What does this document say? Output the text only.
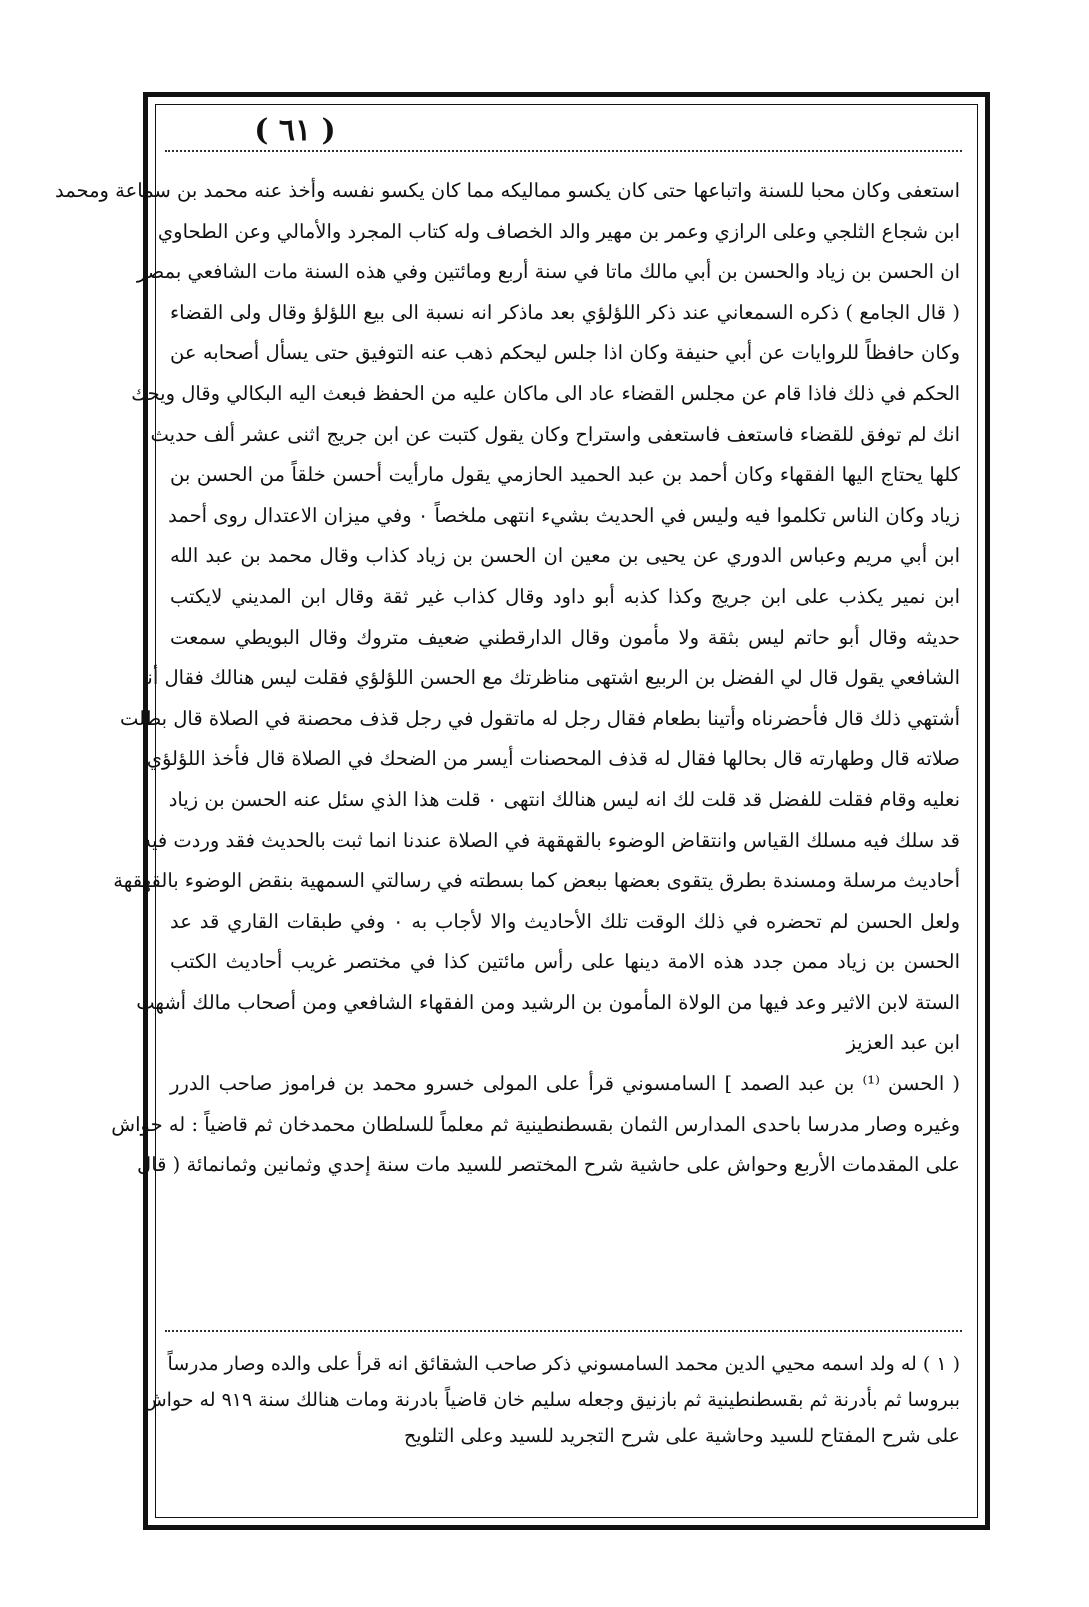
( ٦١ )
استعفى وكان محبا للسنة واتباعها حتى كان يكسو مماليكه مما كان يكسو نفسه وأخذ عنه محمد بن سماعة ومحمد
ابن شجاع الثلجي وعلى الرازي وعمر بن مهير والد الخصاف وله كتاب المجرد والأمالي وعن الطحاوي
ان الحسن بن زياد والحسن بن أبي مالك ماتا في سنة أربع ومائتين وفي هذه السنة مات الشافعي بمصر
( قال الجامع ) ذكره السمعاني عند ذكر اللؤلؤي بعد ماذكر انه نسبة الى بيع اللؤلؤ وقال ولى القضاء
وكان حافظاً للروايات عن أبي حنيفة وكان اذا جلس ليحكم ذهب عنه التوفيق حتى يسأل أصحابه عن
الحكم في ذلك فاذا قام عن مجلس القضاء عاد الى ماكان عليه من الحفظ فبعث اليه البكالي وقال ويحك
انك لم توفق للقضاء فاستعف فاستعفى واستراح وكان يقول كتبت عن ابن جريج اثنى عشر ألف حديث
كلها يحتاج اليها الفقهاء وكان أحمد بن عبد الحميد الحازمي يقول مارأيت أحسن خلقاً من الحسن بن
زياد وكان الناس تكلموا فيه وليس في الحديث بشيء انتهى ملخصاً ٠ وفي ميزان الاعتدال روى أحمد
ابن أبي مريم وعباس الدوري عن يحيى بن معين ان الحسن بن زياد كذاب وقال محمد بن عبد الله
ابن نمير يكذب على ابن جريج وكذا كذبه أبو داود وقال كذاب غير ثقة وقال ابن المديني لايكتب
حديثه وقال أبو حاتم ليس بثقة ولا مأمون وقال الدارقطني ضعيف متروك وقال البويطي سمعت
الشافعي يقول قال لي الفضل بن الربيع اشتهى مناظرتك مع الحسن اللؤلؤي فقلت ليس هنالك فقال أنا
أشتهي ذلك قال فأحضرناه وأتينا بطعام فقال رجل له ماتقول في رجل قذف محصنة في الصلاة قال بطلت
صلاته قال وطهارته قال بحالها فقال له قذف المحصنات أيسر من الضحك في الصلاة قال فأخذ اللؤلؤي
نعليه وقام فقلت للفضل قد قلت لك انه ليس هنالك انتهى ٠ قلت هذا الذي سئل عنه الحسن بن زياد
قد سلك فيه مسلك القياس وانتقاض الوضوء بالقهقهة في الصلاة عندنا انما ثبت بالحديث فقد وردت فيه
أحاديث مرسلة ومسندة بطرق يتقوى بعضها ببعض كما بسطته في رسالتي السمهية بنقض الوضوء بالقهقهة
ولعل الحسن لم تحضره في ذلك الوقت تلك الأحاديث والا لأجاب به ٠ وفي طبقات القاري قد عد
الحسن بن زياد ممن جدد هذه الامة دينها على رأس مائتين كذا في مختصر غريب أحاديث الكتب
الستة لابن الاثير وعد فيها من الولاة المأمون بن الرشيد ومن الفقهاء الشافعي ومن أصحاب مالك أشهب
ابن عبد العزيز
( الحسن ⁽¹⁾ بن عبد الصمد ] السامسوني قرأ على المولى خسرو محمد بن فراموز صاحب الدرر
وغيره وصار مدرسا باحدى المدارس الثمان بقسطنطينية ثم معلماً للسلطان محمدخان ثم قاضياً : له حواش
على المقدمات الأربع وحواش على حاشية شرح المختصر للسيد مات سنة إحدي وثمانين وثمانمائة ( قال
( ١ ) له ولد اسمه محيي الدين محمد السامسوني ذكر صاحب الشقائق انه قرأ على والده وصار مدرساً
ببروسا ثم بأدرنة ثم بقسطنطينية ثم بازنيق وجعله سليم خان قاضياً بادرنة ومات هنالك سنة ٩١٩ له حواش
على شرح المفتاح للسيد وحاشية على شرح التجريد للسيد وعلى التلويح
